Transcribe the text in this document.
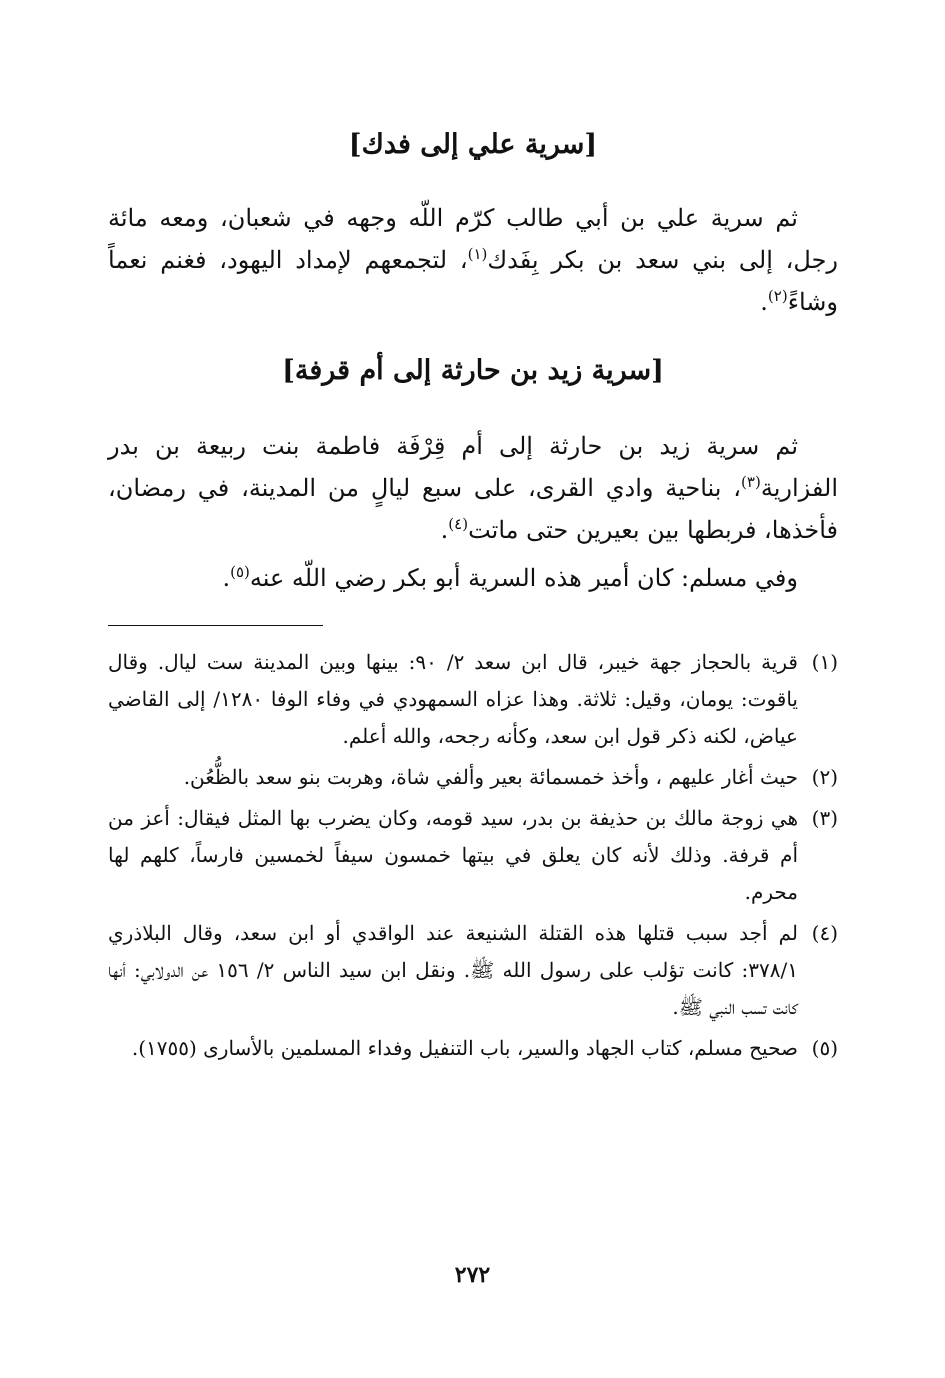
[سرية علي إلى فدك]

ثم سرية علي بن أبي طالب كرّم اللّه وجهه في شعبان، ومعه مائة رجل، إلى بني سعد بن بكر بِفَدك$^{(١)}$، لتجمعهم لإمداد اليهود، فغنم نعماً وشاءً$^{(٢)}$.

[سرية زيد بن حارثة إلى أم قرفة]

ثم سرية زيد بن حارثة إلى أم قِرْفَة فاطمة بنت ربيعة بن بدر الفزارية$^{(٣)}$، بناحية وادي القرى، على سبع ليالٍ من المدينة، في رمضان، فأخذها، فربطها بين بعيرين حتى ماتت$^{(٤)}$.

وفي مسلم: كان أمير هذه السرية أبو بكر رضي اللّه عنه$^{(٥)}$.

(١)
قرية بالحجاز جهة خيبر، قال ابن سعد ٢/ ٩٠: بينها وبين المدينة ست ليال. وقال ياقوت: يومان، وقيل: ثلاثة. وهذا عزاه السمهودي في وفاء الوفا ١٢٨٠/ إلى القاضي عياض، لكنه ذكر قول ابن سعد، وكأنه رجحه، والله أعلم.
(٢)
حيث أغار عليهم ، وأخذ خمسمائة بعير وألفي شاة، وهربت بنو سعد بالظُّعُن.
(٣)
هي زوجة مالك بن حذيفة بن بدر، سيد قومه، وكان يضرب بها المثل فيقال: أعز من أم قرفة. وذلك لأنه كان يعلق في بيتها خمسون سيفاً لخمسين فارساً، كلهم لها محرم.
(٤)
لم أجد سبب قتلها هذه القتلة الشنيعة عند الواقدي أو ابن سعد، وقال البلاذري ٣٧٨/١: كانت تؤلب على رسول الله ﷺ. ونقل ابن سيد الناس ٢/ ١٥٦ عن الدولابي: أنها كانت تسب النبي ﷺ.
(٥)
صحيح مسلم، كتاب الجهاد والسير، باب التنفيل وفداء المسلمين بالأسارى (١٧٥٥).
٢٧٢
